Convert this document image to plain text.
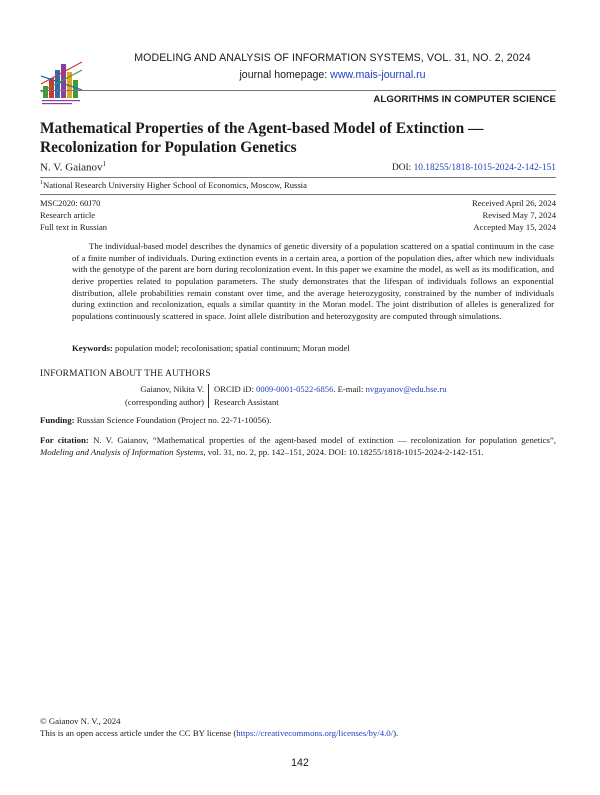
MODELING AND ANALYSIS OF INFORMATION SYSTEMS, VOL. 31, NO. 2, 2024
journal homepage: www.mais-journal.ru
ALGORITHMS IN COMPUTER SCIENCE
Mathematical Properties of the Agent-based Model of Extinction —
Recolonization for Population Genetics
N. V. Gaianov$^1$	DOI: 10.18255/1818-1015-2024-2-142-151
$^1$National Research University Higher School of Economics, Moscow, Russia
MSC2020: 60J70
Research article
Full text in Russian
Received April 26, 2024
Revised May 7, 2024
Accepted May 15, 2024
The individual-based model describes the dynamics of genetic diversity of a population scattered on a spatial continuum in the case of a finite number of individuals. During extinction events in a certain area, a portion of the population dies, after which new individuals with the genotype of the parent are born during recolonization event. In this paper we examine the model, as well as its modification, and derive properties related to population parameters. The study demonstrates that the lifespan of individuals follows an exponential distribution, allele probabilities remain constant over time, and the average heterozygosity, constrained by the number of individuals during extinction and recolonization, equals a similar quantity in the Moran model. The joint distribution of alleles is generalized for populations continuously scattered in space. Joint allele distribution and heterozygosity are computed through simulations.
Keywords: population model; recolonisation; spatial continuum; Moran model
INFORMATION ABOUT THE AUTHORS
Gaianov, Nikita V.
(corresponding author)
ORCID iD: 0009-0001-0522-6856. E-mail: nvgayanov@edu.hse.ru
Research Assistant
Funding: Russian Science Foundation (Project no. 22-71-10056).
For citation: N. V. Gaianov, “Mathematical properties of the agent-based model of extinction — recolonization for population genetics”, Modeling and Analysis of Information Systems, vol. 31, no. 2, pp. 142–151, 2024. DOI: 10.18255/1818-1015-2024-2-142-151.
© Gaianov N. V., 2024
This is an open access article under the CC BY license (https://creativecommons.org/licenses/by/4.0/).
142
